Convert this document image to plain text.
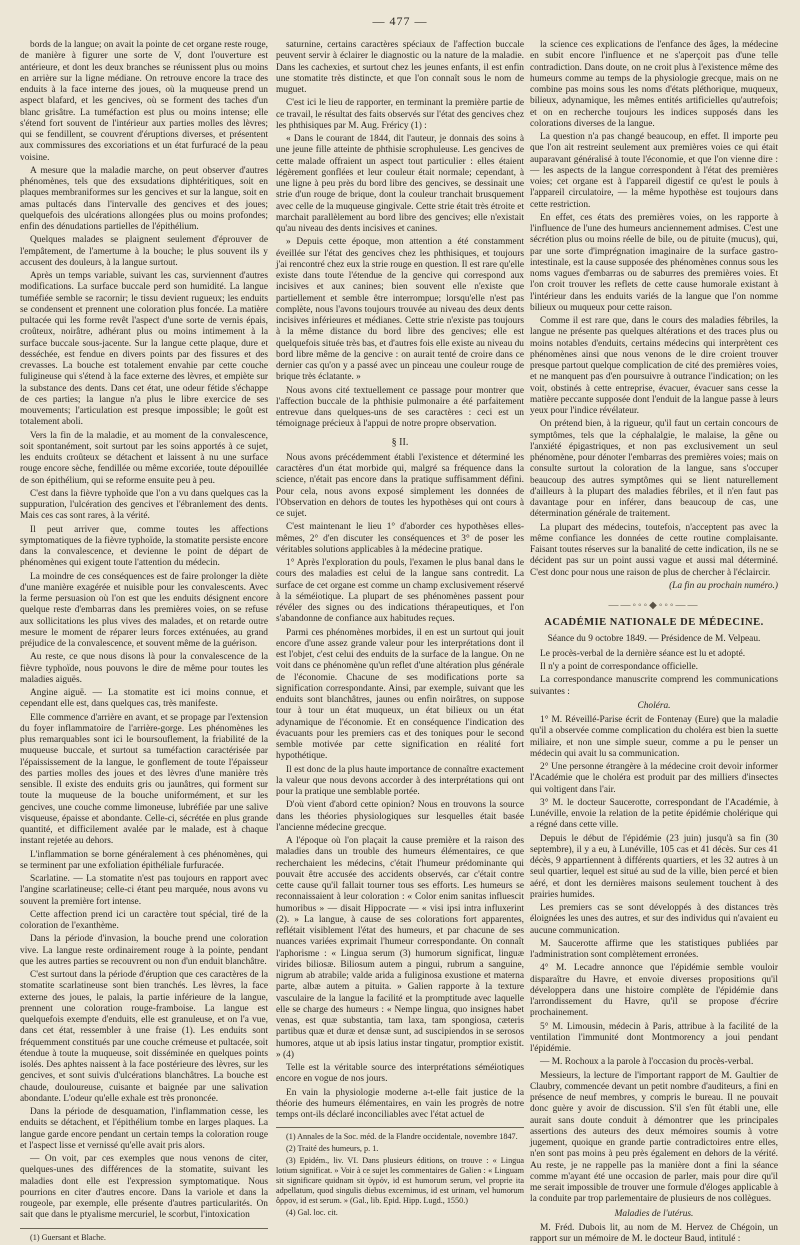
— 477 —

bords de la langue; on avait la pointe de cet organe reste rouge, de manière à figurer une sorte de V, dont l'ouverture est antérieure, et dont les deux branches se réunissent plus ou moins en arrière sur la ligne médiane. On retrouve encore la trace des enduits à la face interne des joues, où la muqueuse prend un aspect blafard, et les gencives, où se forment des taches d'un blanc grisâtre. La tuméfaction est plus ou moins intense; elle s'étend fort souvent de l'intérieur aux parties molles des lèvres; qui se fendillent, se couvrent d'éruptions diverses, et présentent aux commissures des excoriations et un état furfuracé de la peau voisine.

A mesure que la maladie marche, on peut observer d'autres phénomènes, tels que des exsudations diphtéritiques, soit en plaques membraniformes sur les gencives et sur la langue, soit en amas pultacés dans l'intervalle des gencives et des joues; quelquefois des ulcérations allongées plus ou moins profondes; enfin des dénudations partielles de l'épithélium.

Quelques malades se plaignent seulement d'éprouver de l'empâtement, de l'amertume à la bouche; le plus souvent ils y accusent des douleurs, à la langue surtout.

Après un temps variable, suivant les cas, surviennent d'autres modifications. La surface buccale perd son humidité. La langue tuméfiée semble se racornir; le tissu devient rugueux; les enduits se condensent et prennent une coloration plus foncée. La matière pultacée qui les forme revêt l'aspect d'une sorte de vernis épais, croûteux, noirâtre, adhérant plus ou moins intimement à la surface buccale sous-jacente. Sur la langue cette plaque, dure et desséchée, est fendue en divers points par des fissures et des crevasses. La bouche est totalement envahie par cette couche fuligineuse qui s'étend à la face externe des lèvres, et empiète sur la substance des dents. Dans cet état, une odeur fétide s'échappe de ces parties; la langue n'a plus le libre exercice de ses mouvements; l'articulation est presque impossible; le goût est totalement aboli.

Vers la fin de la maladie, et au moment de la convalescence, soit spontanément, soit surtout par les soins apportés à ce sujet, les enduits croûteux se détachent et laissent à nu une surface rouge encore sèche, fendillée ou même excoriée, toute dépouillée de son épithélium, qui se reforme ensuite peu à peu.

C'est dans la fièvre typhoïde que l'on a vu dans quelques cas la suppuration, l'ulcération des gencives et l'ébranlement des dents. Mais ces cas sont rares, à la vérité.

Il peut arriver que, comme toutes les affections symptomatiques de la fièvre typhoïde, la stomatite persiste encore dans la convalescence, et devienne le point de départ de phénomènes qui exigent toute l'attention du médecin.

La moindre de ces conséquences est de faire prolonger la diète d'une manière exagérée et nuisible pour les convalescents. Avec la ferme persuasion où l'on est que les enduits désignent encore quelque reste d'embarras dans les premières voies, on se refuse aux sollicitations les plus vives des malades, et on retarde outre mesure le moment de réparer leurs forces exténuées, au grand préjudice de la convalescence, et souvent même de la guérison.

Au reste, ce que nous disons là pour la convalescence de la fièvre typhoïde, nous pouvons le dire de même pour toutes les maladies aiguës.

Angine aiguë. — La stomatite est ici moins connue, et cependant elle est, dans quelques cas, très manifeste.

Elle commence d'arrière en avant, et se propage par l'extension du foyer inflammatoire de l'arrière-gorge. Les phénomènes les plus remarquables sont ici le boursouflement, la friabilité de la muqueuse buccale, et surtout sa tuméfaction caractérisée par l'épaississement de la langue, le gonflement de toute l'épaisseur des parties molles des joues et des lèvres d'une manière très sensible. Il existe des enduits gris ou jaunâtres, qui forment sur toute la muqueuse de la bouche uniformément, et sur les gencives, une couche comme limoneuse, lubréfiée par une salive visqueuse, épaisse et abondante. Celle-ci, sécrétée en plus grande quantité, et difficilement avalée par le malade, est à chaque instant rejetée au dehors.

L'inflammation se borne généralement à ces phénomènes, qui se terminent par une exfoliation épithéliale furfuracée.

Scarlatine. — La stomatite n'est pas toujours en rapport avec l'angine scarlatineuse; celle-ci étant peu marquée, nous avons vu souvent la première fort intense.

Cette affection prend ici un caractère tout spécial, tiré de la coloration de l'exanthème.

Dans la période d'invasion, la bouche prend une coloration vive. La langue reste ordinairement rouge à la pointe, pendant que les autres parties se recouvrent ou non d'un enduit blanchâtre.

C'est surtout dans la période d'éruption que ces caractères de la stomatite scarlatineuse sont bien tranchés. Les lèvres, la face externe des joues, le palais, la partie inférieure de la langue, prennent une coloration rouge-framboise. La langue est quelquefois exempte d'enduits, elle est granuleuse, et on l'a vue, dans cet état, ressembler à une fraise (1). Les enduits sont fréquemment constitués par une couche crémeuse et pultacée, soit étendue à toute la muqueuse, soit disséminée en quelques points isolés. Des aphtes naissent à la face postérieure des lèvres, sur les gencives, et sont suivis d'ulcérations blanchâtres. La bouche est chaude, douloureuse, cuisante et baignée par une salivation abondante. L'odeur qu'elle exhale est très prononcée.

Dans la période de desquamation, l'inflammation cesse, les enduits se détachent, et l'épithélium tombe en larges plaques. La langue garde encore pendant un certain temps la coloration rouge et l'aspect lisse et vernissé qu'elle avait pris alors.

— On voit, par ces exemples que nous venons de citer, quelques-unes des différences de la stomatite, suivant les maladies dont elle est l'expression symptomatique. Nous pourrions en citer d'autres encore. Dans la variole et dans la rougeole, par exemple, elle présente d'autres particularités. On sait que dans le ptyalisme mercuriel, le scorbut, l'intoxication

(1) Guersant et Blache.

saturnine, certains caractères spéciaux de l'affection buccale peuvent servir à éclairer le diagnostic ou la nature de la maladie. Dans les cachexies, et surtout chez les jeunes enfants, il est enfin une stomatite très distincte, et que l'on connaît sous le nom de muguet.

C'est ici le lieu de rapporter, en terminant la première partie de ce travail, le résultat des faits observés sur l'état des gencives chez les phthisiques par M. Aug. Fréricy (1) :

« Dans le courant de 1844, dit l'auteur, je donnais des soins à une jeune fille atteinte de phthisie scrophuleuse. Les gencives de cette malade offraient un aspect tout particulier : elles étaient légèrement gonflées et leur couleur était normale; cependant, à une ligne à peu près du bord libre des gencives, se dessinait une strie d'un rouge de brique, dont la couleur tranchait brusquement avec celle de la muqueuse gingivale. Cette strie était très étroite et marchait parallèlement au bord libre des gencives; elle n'existait qu'au niveau des dents incisives et canines.

» Depuis cette époque, mon attention a été constamment éveillée sur l'état des gencives chez les phthisiques, et toujours j'ai rencontré chez eux la strie rouge en question. Il est rare qu'elle existe dans toute l'étendue de la gencive qui correspond aux incisives et aux canines; bien souvent elle n'existe que partiellement et semble être interrompue; lorsqu'elle n'est pas complète, nous l'avons toujours trouvée au niveau des deux dents incisives inférieures et médianes. Cette strie n'existe pas toujours à la même distance du bord libre des gencives; elle est quelquefois située très bas, et d'autres fois elle existe au niveau du bord libre même de la gencive : on aurait tenté de croire dans ce dernier cas qu'on y a passé avec un pinceau une couleur rouge de brique très éclatante. »

Nous avons cité textuellement ce passage pour montrer que l'affection buccale de la phthisie pulmonaire a été parfaitement entrevue dans quelques-uns de ses caractères : ceci est un témoignage précieux à l'appui de notre propre observation.

§ II.

Nous avons précédemment établi l'existence et déterminé les caractères d'un état morbide qui, malgré sa fréquence dans la science, n'était pas encore dans la pratique suffisamment défini. Pour cela, nous avons exposé simplement les données de l'Observation en dehors de toutes les hypothèses qui ont cours à ce sujet.

C'est maintenant le lieu 1° d'aborder ces hypothèses elles-mêmes, 2° d'en discuter les conséquences et 3° de poser les véritables solutions applicables à la médecine pratique.

1° Après l'exploration du pouls, l'examen le plus banal dans le cours des maladies est celui de la langue sans contredit. La surface de cet organe est comme un champ exclusivement réservé à la séméiotique. La plupart de ses phénomènes passent pour révéler des signes ou des indications thérapeutiques, et l'on s'abandonne de confiance aux habitudes reçues.

Parmi ces phénomènes morbides, il en est un surtout qui jouit encore d'une assez grande valeur pour les interprétations dont il est l'objet, c'est celui des enduits de la surface de la langue. On ne voit dans ce phénomène qu'un reflet d'une altération plus générale de l'économie. Chacune de ses modifications porte sa signification correspondante. Ainsi, par exemple, suivant que les enduits sont blanchâtres, jaunes ou enfin noirâtres, on suppose tour à tour un état muqueux, un état bilieux ou un état adynamique de l'économie. Et en conséquence l'indication des évacuants pour les premiers cas et des toniques pour le second semble motivée par cette signification en réalité fort hypothétique.

Il est donc de la plus haute importance de connaître exactement la valeur que nous devons accorder à des interprétations qui ont pour la pratique une semblable portée.

D'où vient d'abord cette opinion? Nous en trouvons la source dans les théories physiologiques sur lesquelles était basée l'ancienne médecine grecque.

A l'époque où l'on plaçait la cause première et la raison des maladies dans un trouble des humeurs élémentaires, ce que recherchaient les médecins, c'était l'humeur prédominante qui pouvait être accusée des accidents observés, car c'était contre cette cause qu'il fallait tourner tous ses efforts. Les humeurs se reconnaissaient à leur coloration : « Color enim sanitas influescit humoribus » — disait Hippocrate — « visi ipsi intra influxerint (2). » La langue, à cause de ses colorations fort apparentes, reflétait visiblement l'état des humeurs, et par chacune de ses nuances variées exprimait l'humeur correspondante. On connaît l'aphorisme : « Lingua serum (3) humorum significat, linguæ virides biliosæ. Biliosum autem a pingui, rubrum a sanguine, nigrum ab atrabile; valde arida a fuliginosa exustione et materna parte, albæ autem a pituita. » Galien rapporte à la texture vasculaire de la langue la facilité et la promptitude avec laquelle elle se charge des humeurs : « Nempe lingua, quo insignes habet venas, est quæ substantia, tam laxa, tam spongiosa, cæteris partibus quæ et duræ et densæ sunt, ad suscipiendos in se serosos humores, atque ut ab ipsis latius instar tingatur, promptior existit. » (4)

Telle est la véritable source des interprétations séméiotiques encore en vogue de nos jours.

En vain la physiologie moderne a-t-elle fait justice de la théorie des humeurs élémentaires, en vain les progrès de notre temps ont-ils déclaré inconciliables avec l'état actuel de

(1) Annales de la Soc. méd. de la Flandre occidentale, novembre 1847.

(2) Traité des humeurs, p. 1.

(3) Epidém., liv. VI. Dans plusieurs éditions, on trouve : « Lingua lotium significat. » Voir à ce sujet les commentaires de Galien : « Linguam sit significare quidnam sit ὑγρόν, id est humorum serum, vel proprie ita adpellatum, quod singulis diebus excernimus, id est urinam, vel humorum ὄρρον, id est serum. » (Gal., lib. Epid. Hipp. Lugd., 1550.)

(4) Gal. loc. cit.

la science ces explications de l'enfance des âges, la médecine en subit encore l'influence et ne s'aperçoit pas d'une telle contradiction. Dans doute, on ne croit plus à l'existence même des humeurs comme au temps de la physiologie grecque, mais on ne combine pas moins sous les noms d'états pléthorique, muqueux, bilieux, adynamique, les mêmes entités artificielles qu'autrefois; et on en recherche toujours les indices supposés dans les colorations diverses de la langue.

La question n'a pas changé beaucoup, en effet. Il importe peu que l'on ait restreint seulement aux premières voies ce qui était auparavant généralisé à toute l'économie, et que l'on vienne dire : — les aspects de la langue correspondent à l'état des premières voies; cet organe est à l'appareil digestif ce qu'est le pouls à l'appareil circulatoire, — la même hypothèse est toujours dans cette restriction.

En effet, ces états des premières voies, on les rapporte à l'influence de l'une des humeurs anciennement admises. C'est une sécrétion plus ou moins réelle de bile, ou de pituite (mucus), qui, par une sorte d'imprégnation imaginaire de la surface gastro-intestinale, est la cause supposée des phénomènes connus sous les noms vagues d'embarras ou de saburres des premières voies. Et l'on croit trouver les reflets de cette cause humorale existant à l'intérieur dans les enduits variés de la langue que l'on nomme bilieux ou muqueux pour cette raison.

Comme il est rare que, dans le cours des maladies fébriles, la langue ne présente pas quelques altérations et des traces plus ou moins notables d'enduits, certains médecins qui interprètent ces phénomènes ainsi que nous venons de le dire croient trouver presque partout quelque complication de cité des premières voies, et ne manquent pas d'en poursuivre à outrance l'indication; on les voit, obstinés à cette entreprise, évacuer, évacuer sans cesse la matière peccante supposée dont l'enduit de la langue passe à leurs yeux pour l'indice révélateur.

On prétend bien, à la rigueur, qu'il faut un certain concours de symptômes, tels que la céphalalgie, le malaise, la gêne ou l'anxiété épigastriques, et non pas exclusivement un seul phénomène, pour dénoter l'embarras des premières voies; mais on consulte surtout la coloration de la langue, sans s'occuper beaucoup des autres symptômes qui se lient naturellement d'ailleurs à la plupart des maladies fébriles, et il n'en faut pas davantage pour en inférer, dans beaucoup de cas, une détermination générale de traitement.

La plupart des médecins, toutefois, n'acceptent pas avec la même confiance les données de cette routine complaisante. Faisant toutes réserves sur la banalité de cette indication, ils ne se décident pas sur un point aussi vague et aussi mal déterminé. C'est donc pour nous une raison de plus de chercher à l'éclaircir.

(La fin au prochain numéro.)
——◦◦◦◆◦◦◦——
ACADÉMIE NATIONALE DE MÉDECINE.
Séance du 9 octobre 1849. — Présidence de M. Velpeau.

Le procès-verbal de la dernière séance est lu et adopté.

Il n'y a point de correspondance officielle.

La correspondance manuscrite comprend les communications suivantes :

Choléra.

1° M. Réveillé-Parise écrit de Fontenay (Eure) que la maladie qu'il a observée comme complication du choléra est bien la suette miliaire, et non une simple sueur, comme a pu le penser un médecin qui avait lu sa communication.

2° Une personne étrangère à la médecine croit devoir informer l'Académie que le choléra est produit par des milliers d'insectes qui voltigent dans l'air.

3° M. le docteur Saucerotte, correspondant de l'Académie, à Lunéville, envoie la relation de la petite épidémie cholérique qui a régné dans cette ville.

Depuis le début de l'épidémie (23 juin) jusqu'à sa fin (30 septembre), il y a eu, à Lunéville, 105 cas et 41 décès. Sur ces 41 décès, 9 appartiennent à différents quartiers, et les 32 autres à un seul quartier, lequel est situé au sud de la ville, bien percé et bien aéré, et dont les dernières maisons seulement touchent à des prairies humides.

Les premiers cas se sont développés à des distances très éloignées les unes des autres, et sur des individus qui n'avaient eu aucune communication.

M. Saucerotte affirme que les statistiques publiées par l'administration sont complètement erronées.

4° M. Lecadre annonce que l'épidémie semble vouloir disparaître du Havre, et envoie diverses propositions qu'il développera dans une histoire complète de l'épidémie dans l'arrondissement du Havre, qu'il se propose d'écrire prochainement.

5° M. Limousin, médecin à Paris, attribue à la facilité de la ventilation l'immunité dont Montmorency a joui pendant l'épidémie.

— M. Rochoux a la parole à l'occasion du procès-verbal.

Messieurs, la lecture de l'important rapport de M. Gaultier de Claubry, commencée devant un petit nombre d'auditeurs, a fini en présence de neuf membres, y compris le bureau. Il ne pouvait donc guère y avoir de discussion. S'il s'en fût établi une, elle aurait sans doute conduit à démontrer que les principales assertions des auteurs des deux mémoires soumis à votre jugement, quoique en grande partie contradictoires entre elles, n'en sont pas moins à peu près également en dehors de la vérité. Au reste, je ne rappelle pas la manière dont a fini la séance comme m'ayant été une occasion de parler, mais pour dire qu'il me serait impossible de trouver une formule d'éloges applicable à la conduite par trop parlementaire de plusieurs de nos collègues.

Maladies de l'utérus.

M. Fréd. Dubois lit, au nom de M. Hervez de Chégoin, un rapport sur un mémoire de M. le docteur Baud, intitulé :
